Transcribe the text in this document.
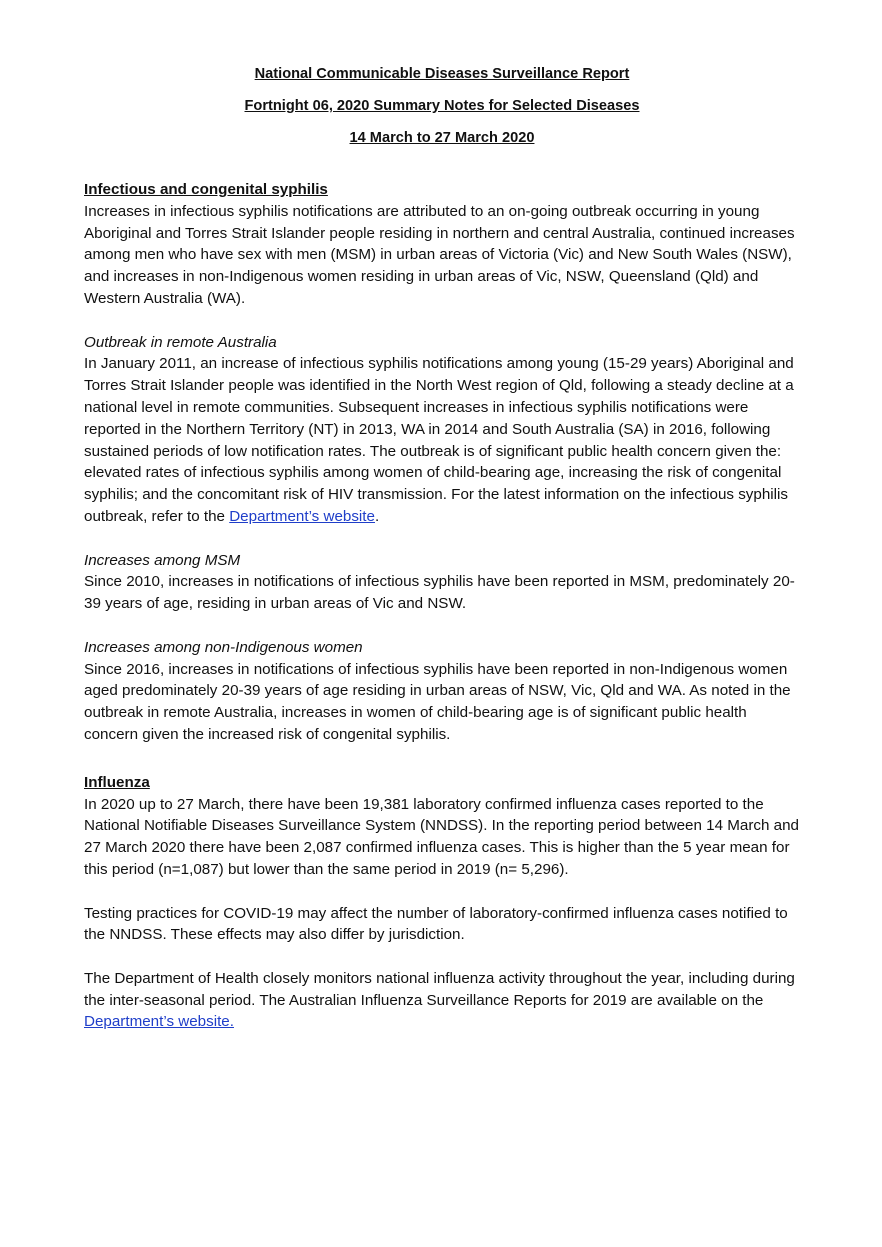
National Communicable Diseases Surveillance Report
Fortnight 06, 2020 Summary Notes for Selected Diseases
14 March to 27 March 2020
Infectious and congenital syphilis

Increases in infectious syphilis notifications are attributed to an on-going outbreak occurring in young Aboriginal and Torres Strait Islander people residing in northern and central Australia, continued increases among men who have sex with men (MSM) in urban areas of Victoria (Vic) and New South Wales (NSW), and increases in non-Indigenous women residing in urban areas of Vic, NSW, Queensland (Qld) and Western Australia (WA).

Outbreak in remote Australia

In January 2011, an increase of infectious syphilis notifications among young (15-29 years) Aboriginal and Torres Strait Islander people was identified in the North West region of Qld, following a steady decline at a national level in remote communities. Subsequent increases in infectious syphilis notifications were reported in the Northern Territory (NT) in 2013, WA in 2014 and South Australia (SA) in 2016, following sustained periods of low notification rates. The outbreak is of significant public health concern given the: elevated rates of infectious syphilis among women of child-bearing age, increasing the risk of congenital syphilis; and the concomitant risk of HIV transmission. For the latest information on the infectious syphilis outbreak, refer to the Department’s website.

Increases among MSM

Since 2010, increases in notifications of infectious syphilis have been reported in MSM, predominately 20-39 years of age, residing in urban areas of Vic and NSW.

Increases among non-Indigenous women

Since 2016, increases in notifications of infectious syphilis have been reported in non-Indigenous women aged predominately 20-39 years of age residing in urban areas of NSW, Vic, Qld and WA. As noted in the outbreak in remote Australia, increases in women of child-bearing age is of significant public health concern given the increased risk of congenital syphilis.

Influenza

In 2020 up to 27 March, there have been 19,381 laboratory confirmed influenza cases reported to the National Notifiable Diseases Surveillance System (NNDSS). In the reporting period between 14 March and 27 March 2020 there have been 2,087 confirmed influenza cases. This is higher than the 5 year mean for this period (n=1,087) but lower than the same period in 2019 (n= 5,296).

Testing practices for COVID-19 may affect the number of laboratory-confirmed influenza cases notified to the NNDSS. These effects may also differ by jurisdiction.

The Department of Health closely monitors national influenza activity throughout the year, including during the inter-seasonal period. The Australian Influenza Surveillance Reports for 2019 are available on the Department’s website.
